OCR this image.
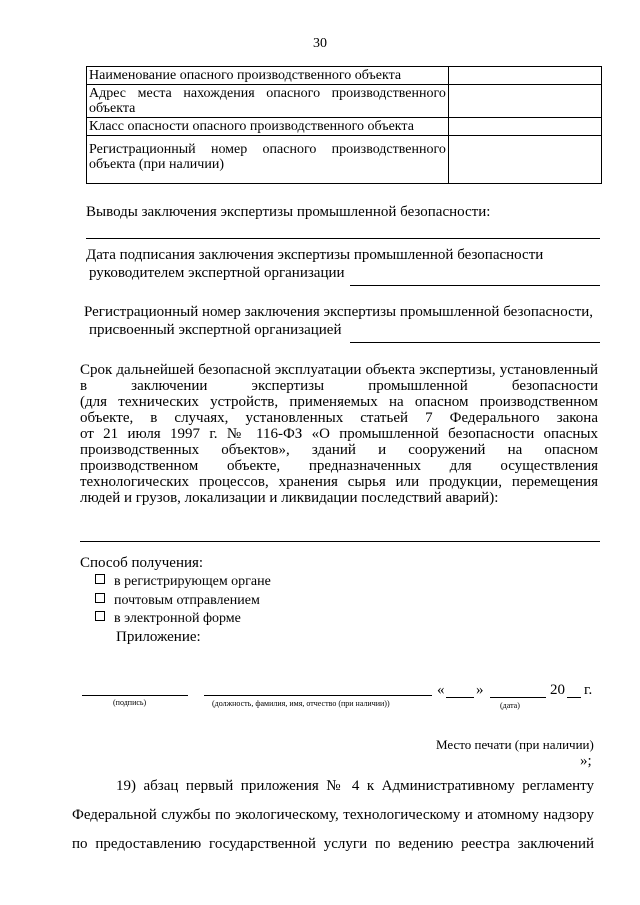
30
Наименование опасного производственного объекта	

Адрес места нахождения опасного производственного
объекта	

Класс опасности опасного производственного объекта	

Регистрационный номер опасного производственного
объекта (при наличии)	

Выводы заключения экспертизы промышленной безопасности:
Дата подписания заключения экспертизы промышленной безопасности
руководителем экспертной организации
Регистрационный номер заключения экспертизы промышленной безопасности,
присвоенный экспертной организацией
Срок дальнейшей безопасной эксплуатации объекта экспертизы, установленный
в заключении экспертизы промышленной безопасности
(для технических устройств, применяемых на опасном производственном
объекте, в случаях, установленных статьей 7 Федерального закона
от 21 июля 1997 г. № 116-ФЗ «О промышленной безопасности опасных
производственных объектов», зданий и сооружений на опасном
производственном объекте, предназначенных для осуществления
технологических процессов, хранения сырья или продукции, перемещения
людей и грузов, локализации и ликвидации последствий аварий):
Способ получения:
в регистрирующем органе
почтовым отправлением
в электронной форме
Приложение:
(подпись)	(должность, фамилия, имя, отчество (при наличии))
« »	20 г.
(дата)
Место печати (при наличии)
»;
19) абзац первый приложения № 4 к Административному регламенту
Федеральной службы по экологическому, технологическому и атомному надзору
по предоставлению государственной услуги по ведению реестра заключений
